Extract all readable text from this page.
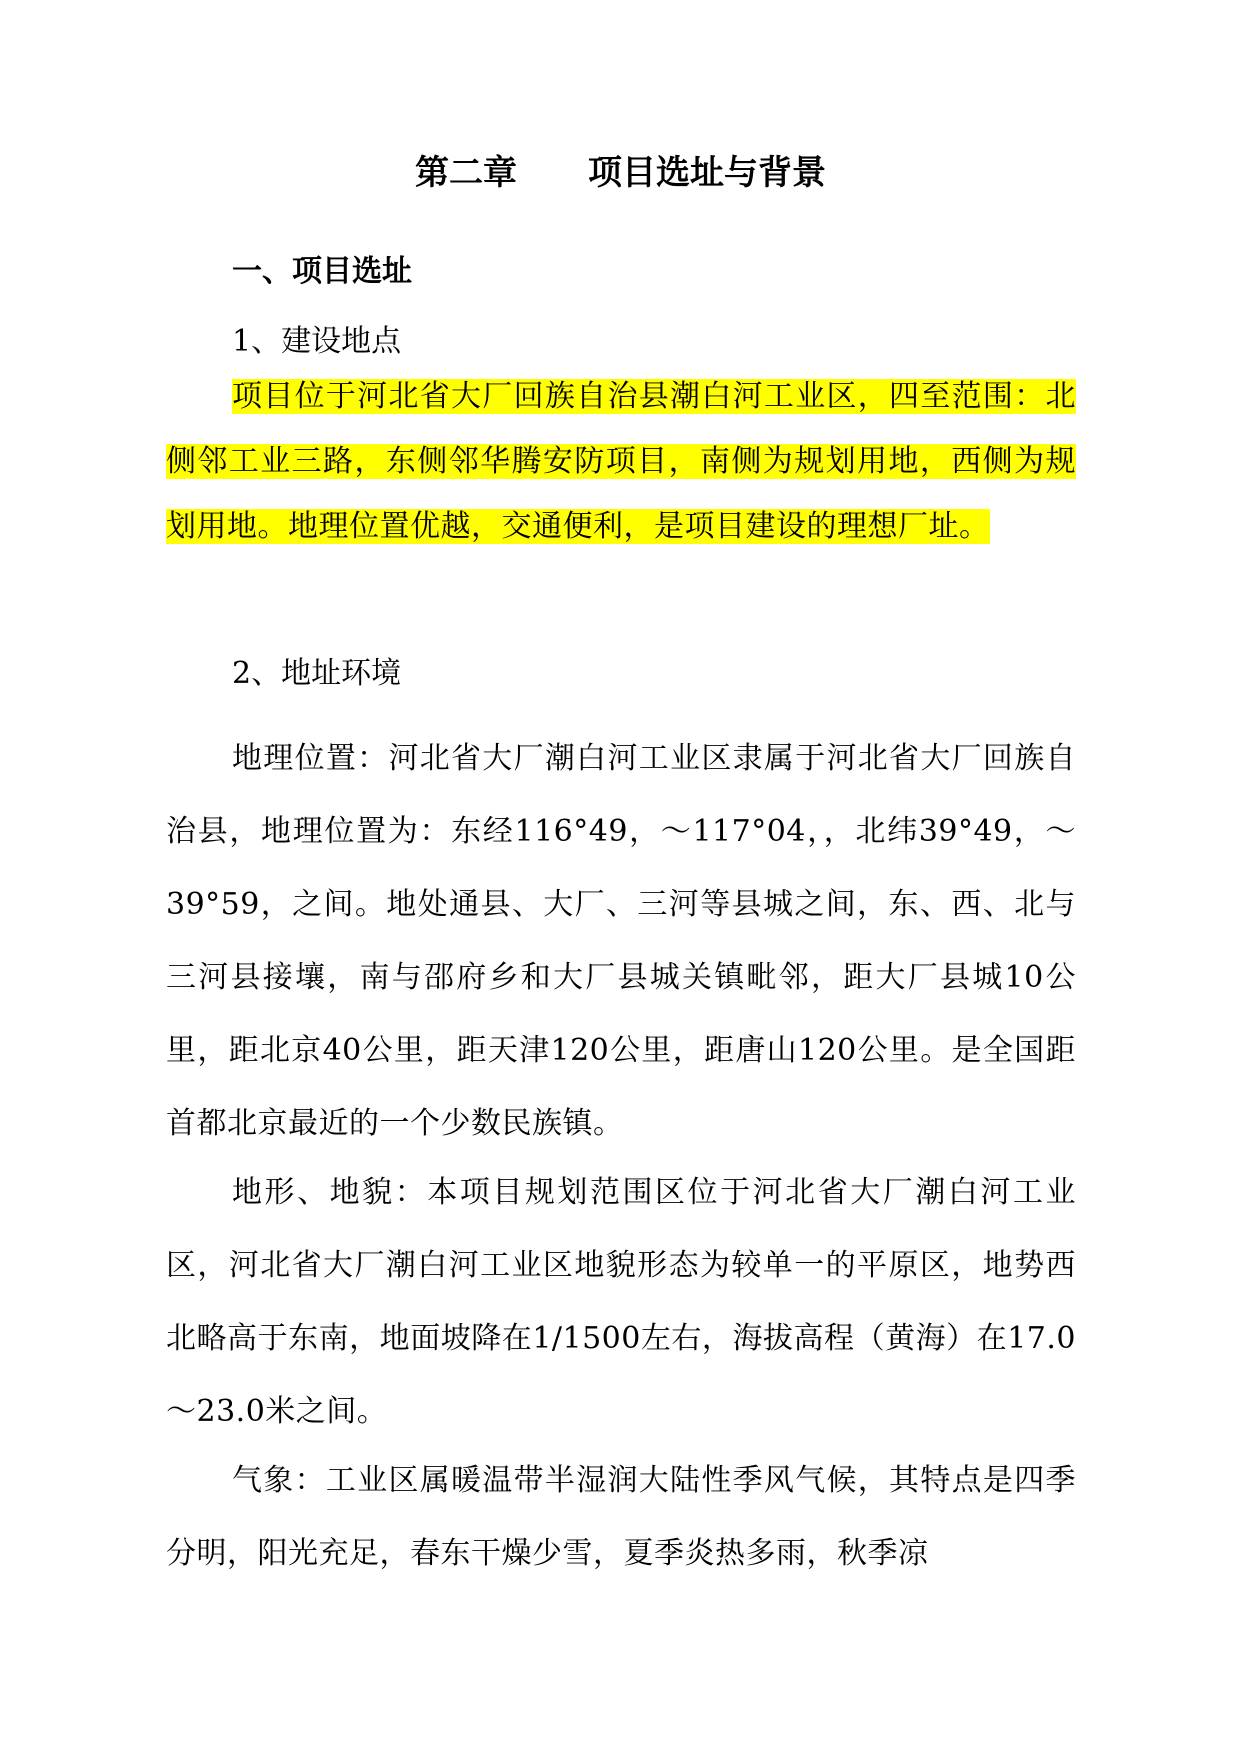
第二章      项目选址与背景
一、项目选址
1、建设地点
项目位于河北省大厂回族自治县潮白河工业区，四至范围：北侧邻工业三路，东侧邻华腾安防项目，南侧为规划用地，西侧为规划用地。地理位置优越，交通便利，是项目建设的理想厂址。
2、地址环境
地理位置：河北省大厂潮白河工业区隶属于河北省大厂回族自治县，地理位置为：东经116°49，～117°04，，北纬39°49，～39°59，之间。地处通县、大厂、三河等县城之间，东、西、北与三河县接壤，南与邵府乡和大厂县城关镇毗邻，距大厂县城10公里，距北京40公里，距天津120公里，距唐山120公里。是全国距首都北京最近的一个少数民族镇。
地形、地貌：本项目规划范围区位于河北省大厂潮白河工业区，河北省大厂潮白河工业区地貌形态为较单一的平原区，地势西北略高于东南，地面坡降在1/1500左右，海拔高程（黄海）在17.0～23.0米之间。
气象：工业区属暖温带半湿润大陆性季风气候，其特点是四季分明，阳光充足，春东干燥少雪，夏季炎热多雨，秋季凉
